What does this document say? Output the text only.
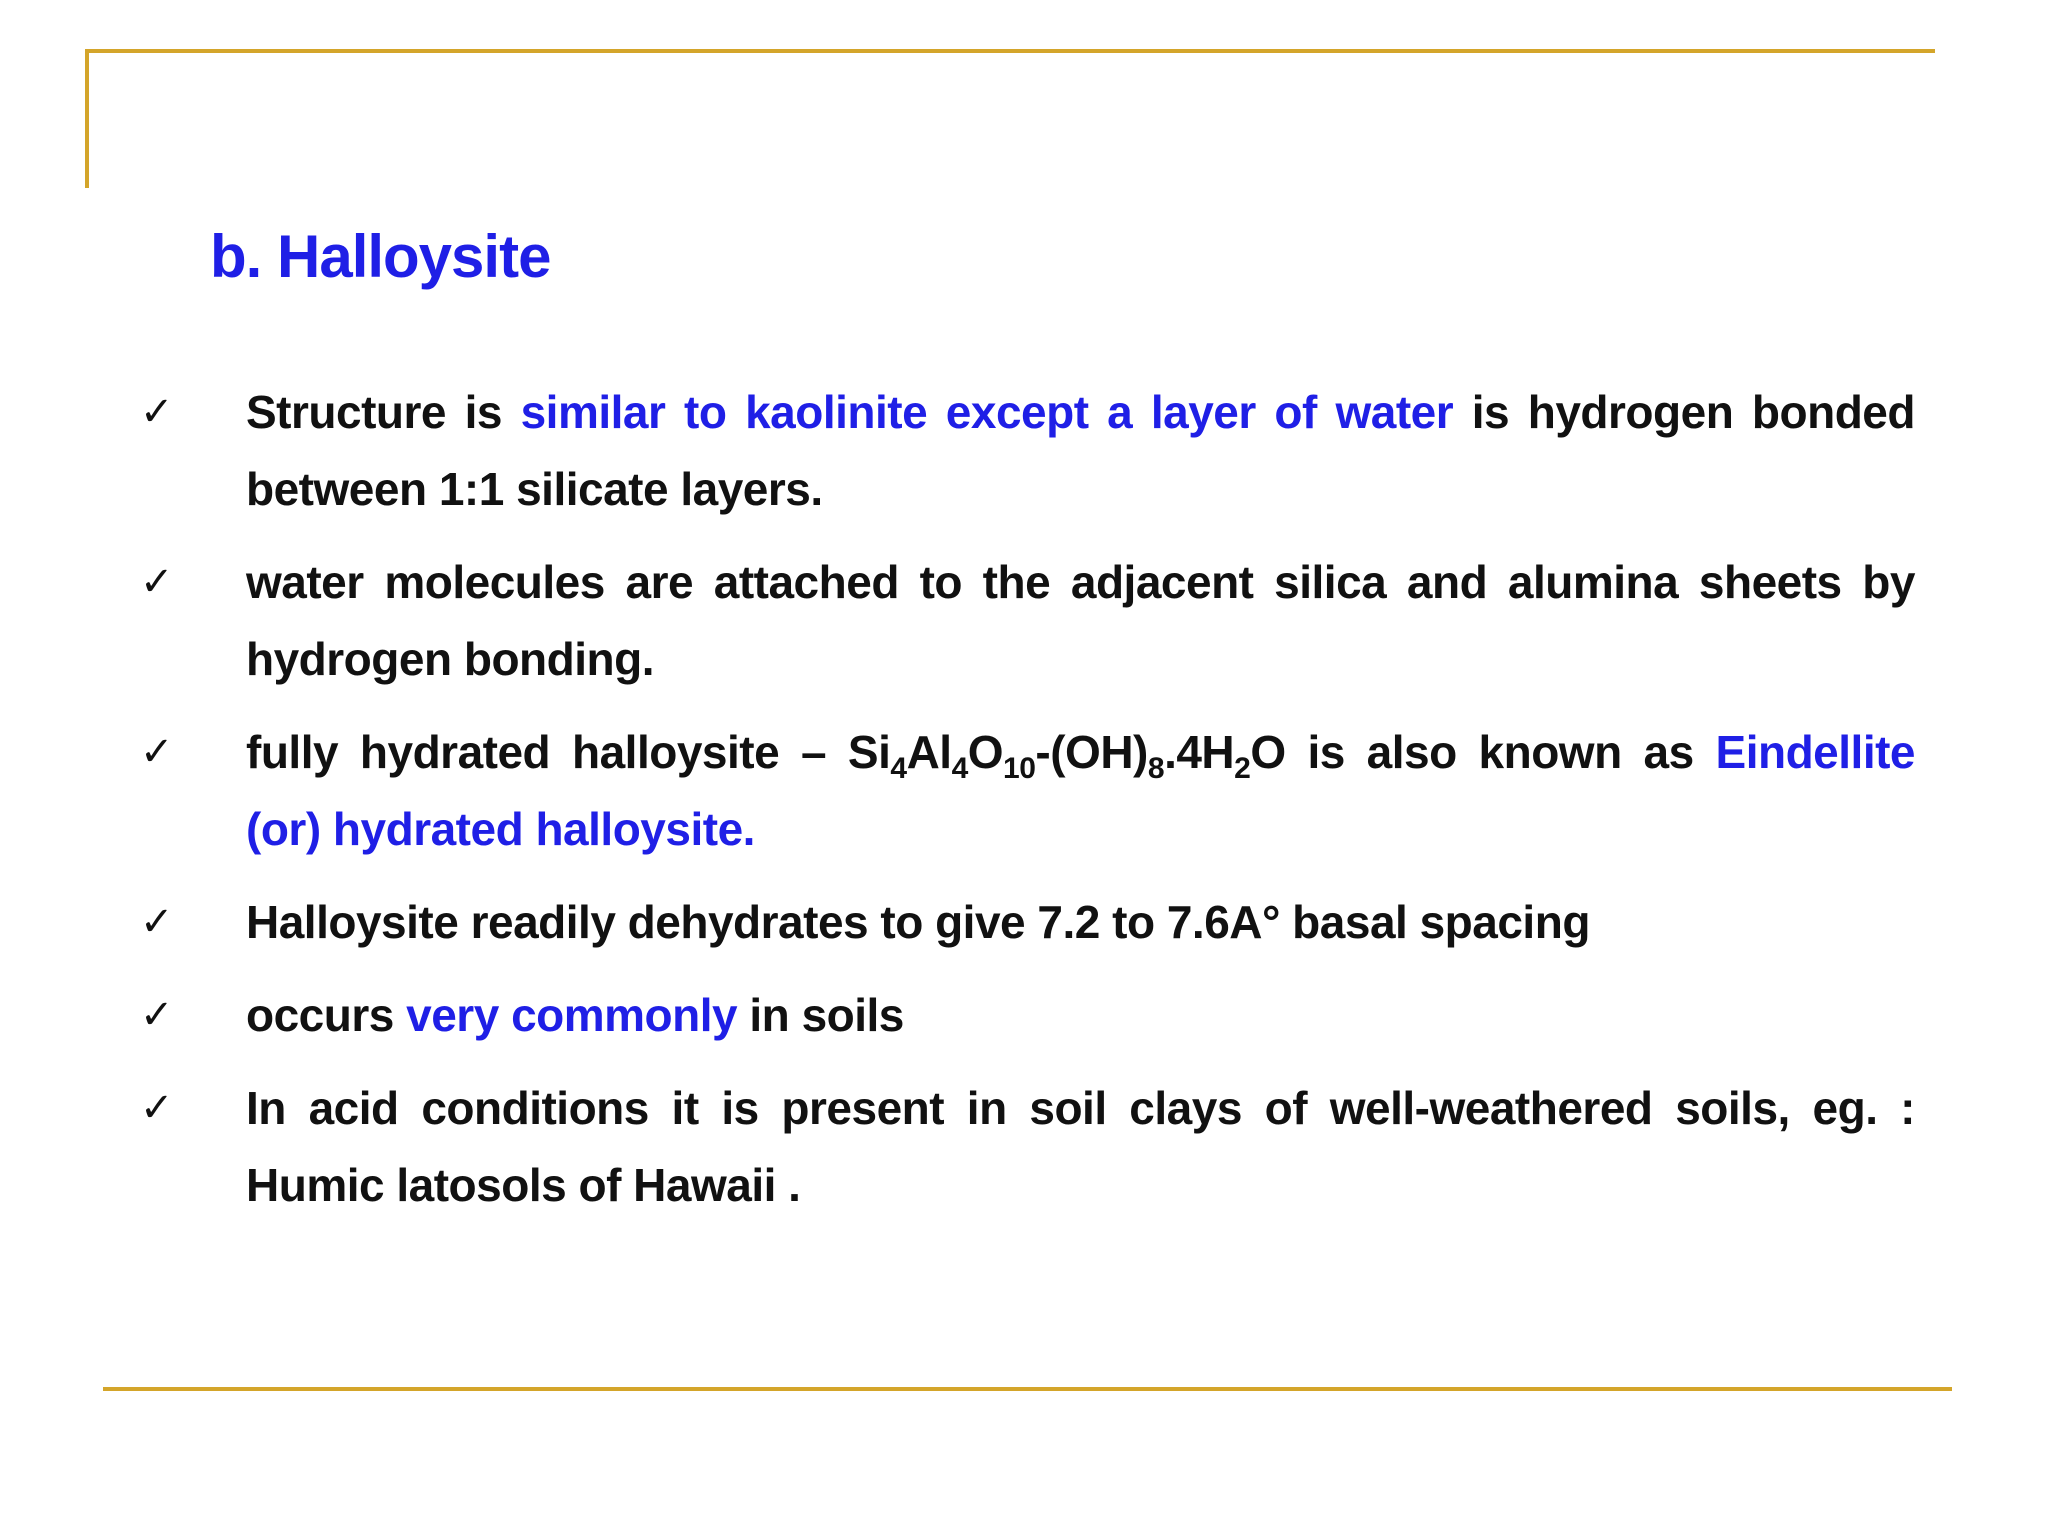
b. Halloysite
✓	Structure is similar to kaolinite except a layer of water is hydrogen bonded between 1:1 silicate layers.
✓	water molecules are attached to the adjacent silica and alumina sheets by hydrogen bonding.
✓	fully hydrated halloysite – $Si_4Al_4O_{10}-(OH)_8.4H_2O$ is also known as Eindellite (or) hydrated halloysite.
✓	Halloysite readily dehydrates to give 7.2 to 7.6A° basal spacing
✓	occurs very commonly in soils
✓	In acid conditions it is present in soil clays of well-weathered soils, eg. : Humic latosols of Hawaii .
